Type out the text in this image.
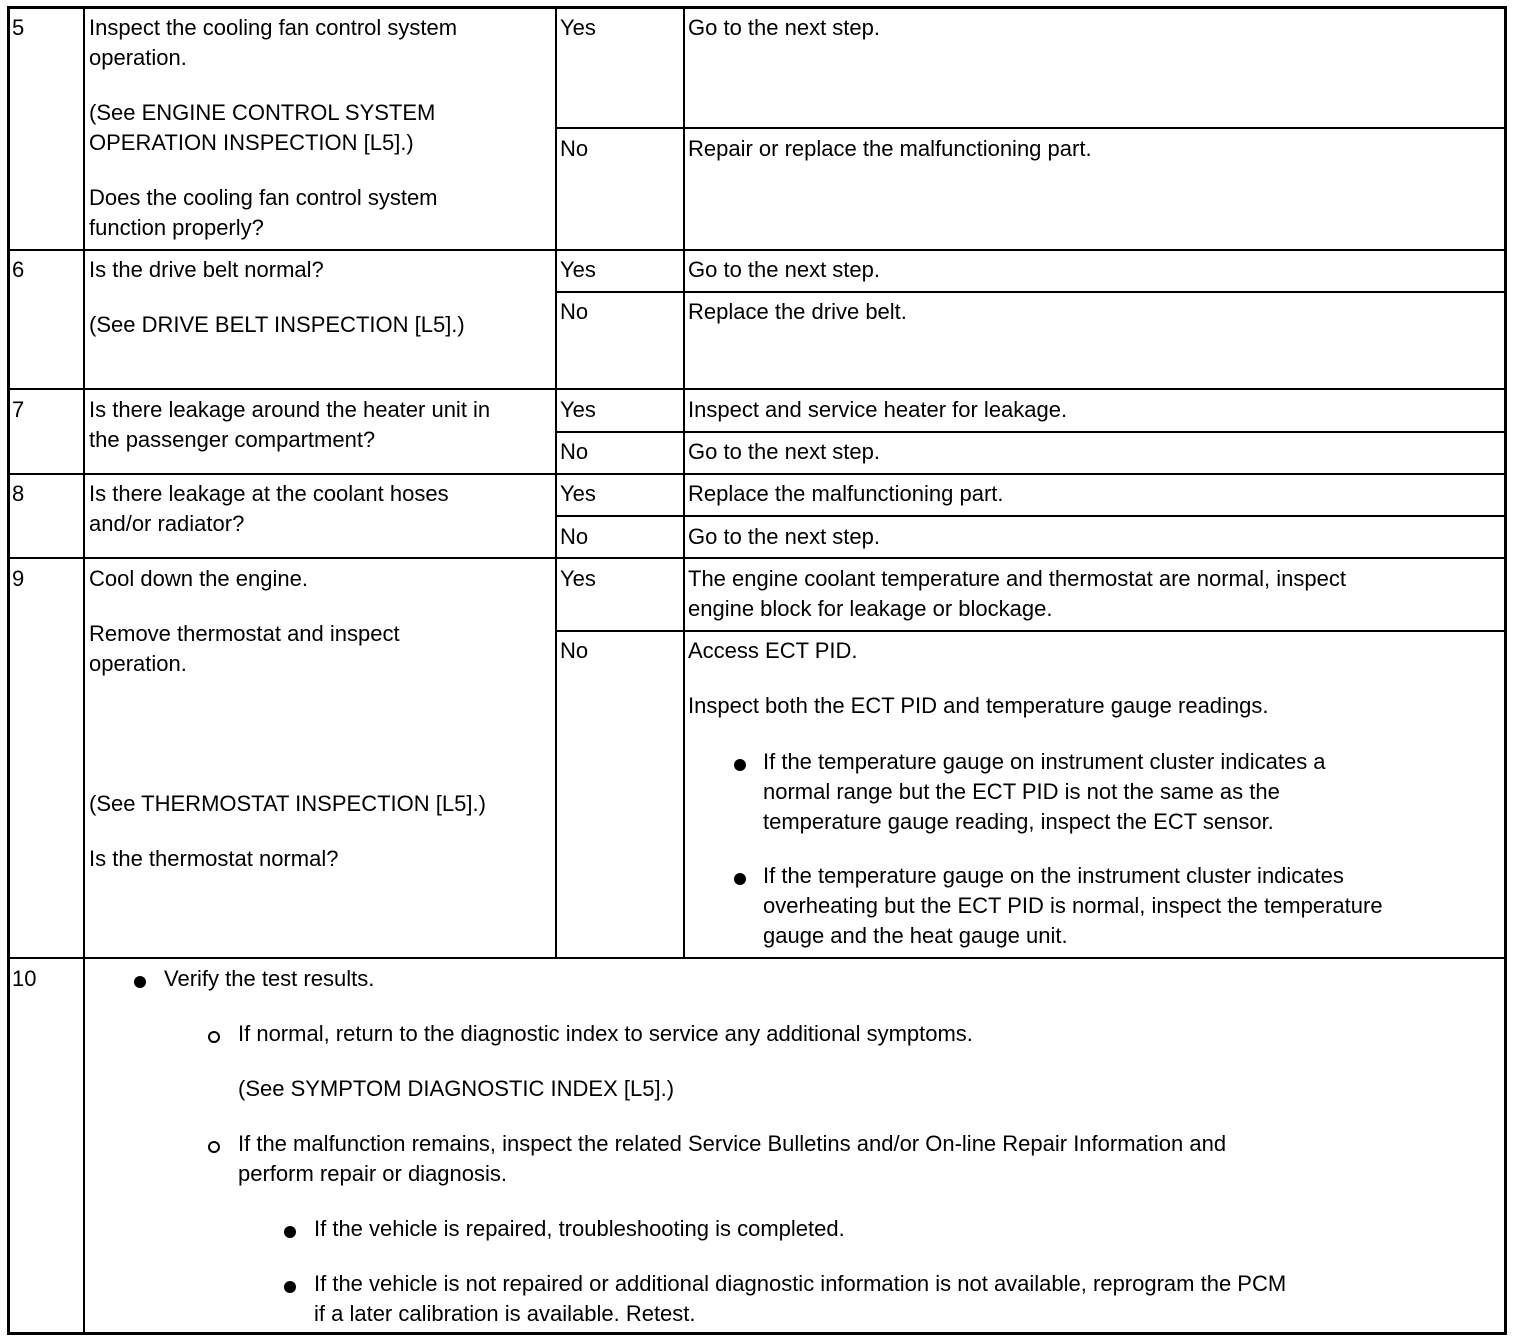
5	Inspect the cooling fan control system
operation.
(See ENGINE CONTROL SYSTEM
OPERATION INSPECTION [L5].)
Does the cooling fan control system
function properly?
Yes	Go to the next step.
No	Repair or replace the malfunctioning part.
6	Is the drive belt normal?
(See DRIVE BELT INSPECTION [L5].)
Yes	Go to the next step.
No	Replace the drive belt.
7	Is there leakage around the heater unit in
the passenger compartment?
Yes	Inspect and service heater for leakage.
No	Go to the next step.
8	Is there leakage at the coolant hoses
and/or radiator?
Yes	Replace the malfunctioning part.
No	Go to the next step.
9	Cool down the engine.
Remove thermostat and inspect
operation.
(See THERMOSTAT INSPECTION [L5].)
Is the thermostat normal?
Yes	The engine coolant temperature and thermostat are normal, inspect
engine block for leakage or blockage.
No	Access ECT PID.
Inspect both the ECT PID and temperature gauge readings.
If the temperature gauge on instrument cluster indicates a
normal range but the ECT PID is not the same as the
temperature gauge reading, inspect the ECT sensor.
If the temperature gauge on the instrument cluster indicates
overheating but the ECT PID is normal, inspect the temperature
gauge and the heat gauge unit.
10	Verify the test results.
If normal, return to the diagnostic index to service any additional symptoms.
(See SYMPTOM DIAGNOSTIC INDEX [L5].)
If the malfunction remains, inspect the related Service Bulletins and/or On-line Repair Information and
perform repair or diagnosis.
If the vehicle is repaired, troubleshooting is completed.
If the vehicle is not repaired or additional diagnostic information is not available, reprogram the PCM
if a later calibration is available. Retest.
